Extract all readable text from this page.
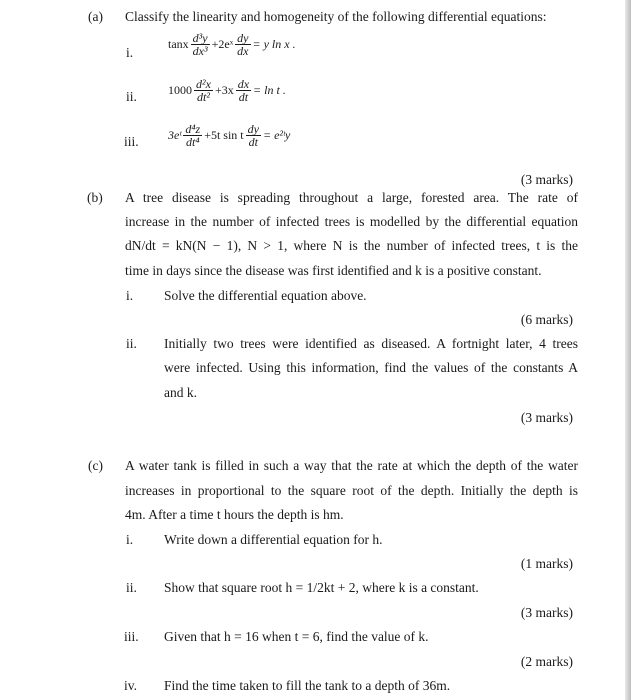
(a) Classify the linearity and homogeneity of the following differential equations:
i.
tanx $\frac{\text{d³y}}{\text{dx³}}$ +2eˣ $\frac{dy}{dx} = y$ ln x .
ii.	$1000 \frac{\text{d²x}}{\text{dt²}} +3x \frac{dx}{dt} = \ln t$ .
iii. 3eᵗ $\frac{\text{d⁴z}}{\text{dt⁴}} +5t$ sin t $\frac{dy}{dt}$ = e²ᵗy
(3 marks)
(b) A tree disease is spreading throughout a large, forested area. The rate of
increase in the number of infected trees is modelled by the differential equation
dN/dt = kN(N − 1), N > 1, where N is the number of infected trees, t is the
time in days since the disease was first identified and k is a positive constant.
i. Solve the differential equation above.
(6 marks)
ii. Initially two trees were identified as diseased. A fortnight later, 4 trees
were infected. Using this information, find the values of the constants A
and k.
(3 marks)
(c) A water tank is filled in such a way that the rate at which the depth of the water
increases in proportional to the square root of the depth. Initially the depth is
4m. After a time t hours the depth is hm.
i. Write down a differential equation for h.
(1 marks)
ii. Show that square root h = 1/2kt + 2, where k is a constant.
(3 marks)
iii. Given that h = 16 when t = 6, find the value of k.
(2 marks)
iv. Find the time taken to fill the tank to a depth of 36m.
